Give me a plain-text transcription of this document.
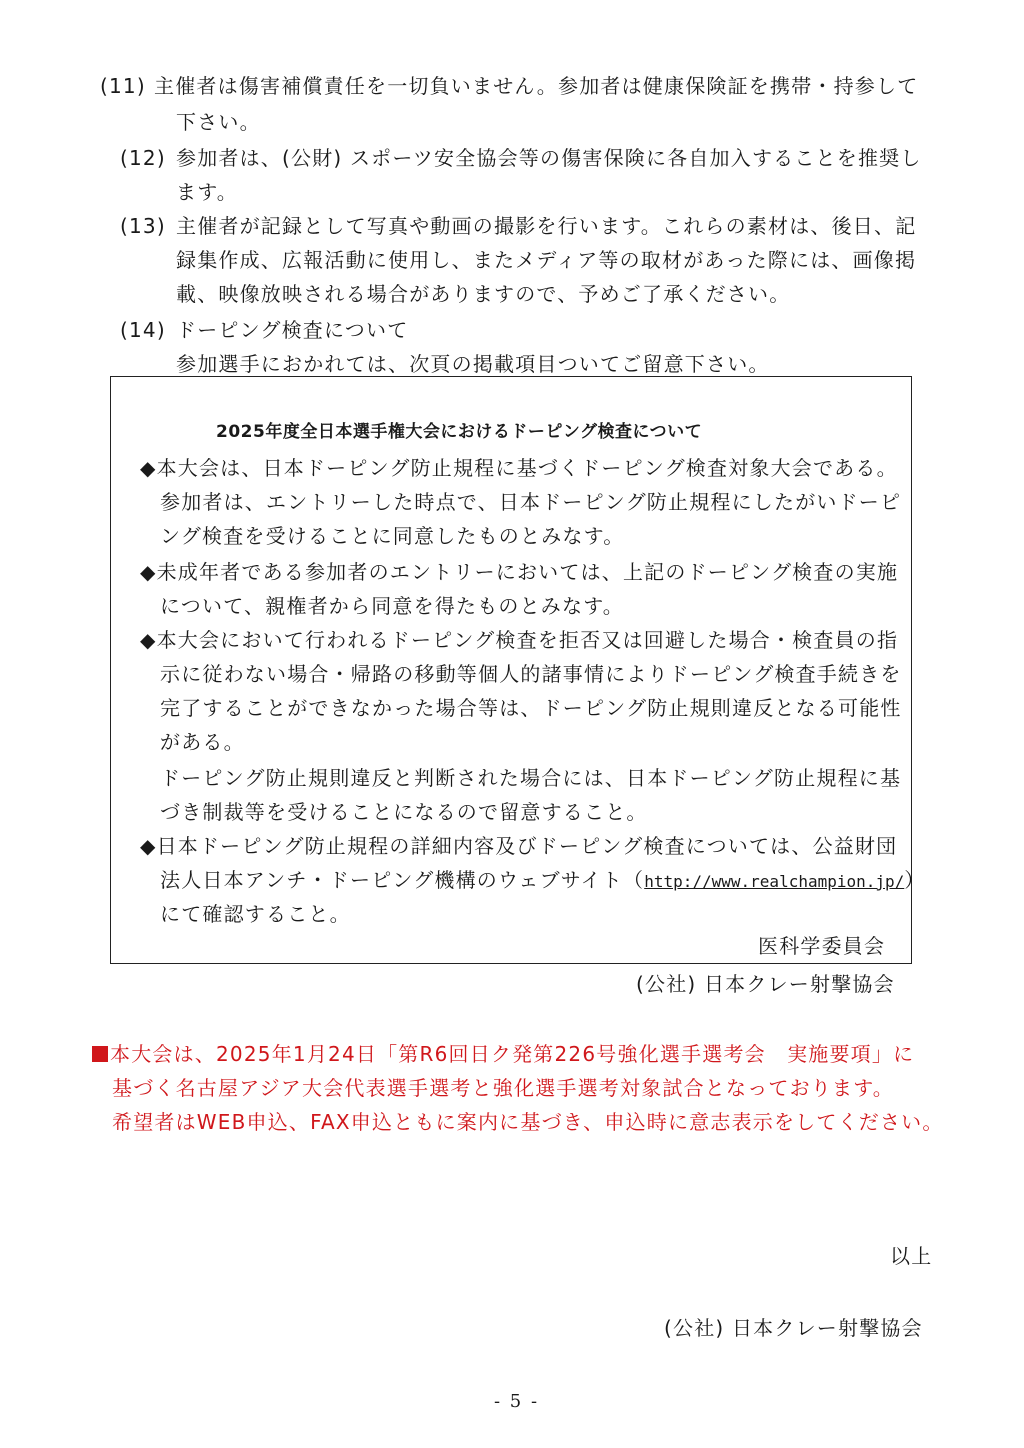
(11) 主催者は傷害補償責任を一切負いません。参加者は健康保険証を携帯・持参して
下さい。
(12) 参加者は、(公財) スポーツ安全協会等の傷害保険に各自加入することを推奨し
ます。
(13) 主催者が記録として写真や動画の撮影を行います。これらの素材は、後日、記
録集作成、広報活動に使用し、またメディア等の取材があった際には、画像掲
載、映像放映される場合がありますので、予めご了承ください。
(14) ドーピング検査について
参加選手におかれては、次頁の掲載項目ついてご留意下さい。
2025年度全日本選手権大会におけるドーピング検査について
◆本大会は、日本ドーピング防止規程に基づくドーピング検査対象大会である。
参加者は、エントリーした時点で、日本ドーピング防止規程にしたがいドーピ
ング検査を受けることに同意したものとみなす。
◆未成年者である参加者のエントリーにおいては、上記のドーピング検査の実施
について、親権者から同意を得たものとみなす。
◆本大会において行われるドーピング検査を拒否又は回避した場合・検査員の指
示に従わない場合・帰路の移動等個人的諸事情によりドーピング検査手続きを
完了することができなかった場合等は、ドーピング防止規則違反となる可能性
がある。
ドーピング防止規則違反と判断された場合には、日本ドーピング防止規程に基
づき制裁等を受けることになるので留意すること。
◆日本ドーピング防止規程の詳細内容及びドーピング検査については、公益財団
法人日本アンチ・ドーピング機構のウェブサイト（http://www.realchampion.jp/）
にて確認すること。
医科学委員会
(公社) 日本クレー射撃協会
本大会は、2025年1月24日「第R6回日ク発第226号強化選手選考会　実施要項」に
基づく名古屋アジア大会代表選手選考と強化選手選考対象試合となっております。
希望者はWEB申込、FAX申込ともに案内に基づき、申込時に意志表示をしてください。
以上
(公社) 日本クレー射撃協会
- 5 -
